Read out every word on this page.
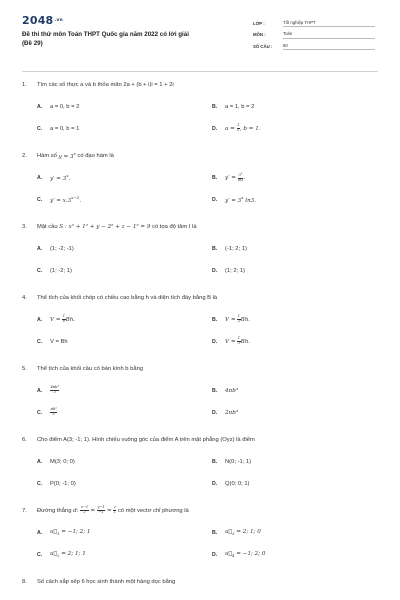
$2048^{.vn}$
Đề thi thử môn Toán THPT Quốc gia năm 2022 có lời giải
(Đề 29)
LỚP :	Tốt nghiệp THPT
MÔN :	Toán
SỐ CÂU :	50
1.	Tìm các số thực a và b thỏa mãn 2a + (b + i)i = 1 + 2i
A.	a = 0, b = 2	B.	a = 1, b = 2
C.	a = 0, b = 1	D.	$a = \frac{1}{2}$ , b = 1.
2.	Hàm số
$y = 3^x$
có đạo hàm là
A.	$y' = 3^x$.	B.	$y' = \frac{3^x}{\ln 3}$ .
C.	$y' = x.3^{x-1}$.	D.	$y' = 3^x$ ln3.
3.	Mặt cầu
S : x² + 1² + y − 2² + z − 1² = 9
có tọa độ tâm I là
A.	(1; -2; -1)	B.	(-1; 2; 1)
C.	(1; -2; 1)	D.	(1; 2; 1)
4.	Thể tích của khối chóp có chiều cao bằng h và diện tích đáy bằng B là
A.	$V = \frac{1}{6} Bh$.	B.	$V = \frac{1}{2} Bh$.
C.	V = Bh	D.	$V = \frac{1}{3} Bh$.
5.	Thể tích của khối cầu có bán kính b bằng
A.	$\frac{\text{4πb³}}{3}$	B.	4πb³
C.	$\frac{\text{πb³}}{3}$	D.	2πb³
6.	Cho điểm A(3; -1; 1). Hình chiếu vuông góc của điểm A trên mặt phẳng (Oyz) là điểm
A.	M(3; 0; 0)	B.	N(0; -1; 1)
C.	P(0; -1; 0)	D.	Q(0; 0; 1)
7.	Đường thẳng
d: $\frac{x-1}{2} = \frac{y-1}{-1} = \frac{z}{1}$
có một vectơ chỉ phương là
A.	$u⃗_1 = -1$; 2; 1	B.	$u⃗_3 = 2$; 1; 0
C.	$u⃗_2 = 2$; 1; 1	D.	$u⃗_4 = -1$; 2; 0
8.	Số cách sắp xếp 6 học sinh thành một hàng dọc bằng
